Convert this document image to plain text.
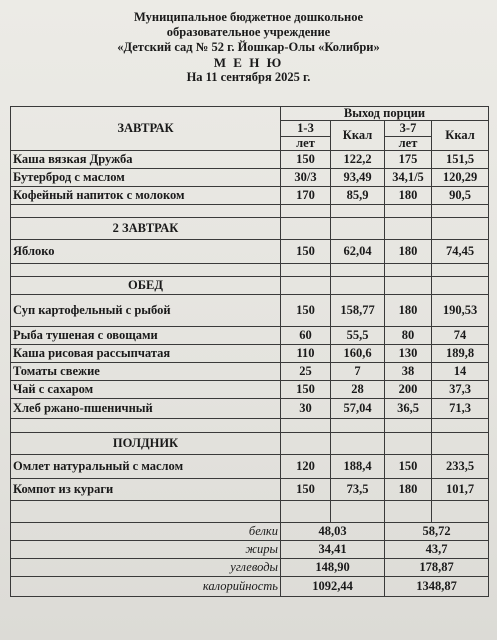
Муниципальное бюджетное дошкольное
образовательное учреждение
«Детский сад № 52 г. Йошкар-Олы «Колибри»
М Е Н Ю
На 11 сентября 2025 г.
ЗАВТРАК	Выход порции			
	1-3	Ккал	3-7	Ккал
	лет		лет	
Каша вязкая Дружба	150	122,2	175	151,5
Бутерброд с маслом	30/3	93,49	34,1/5	120,29
Кофейный напиток с молоком	170	85,9	180	90,5

2 ЗАВТРАК				
Яблоко	150	62,04	180	74,45

ОБЕД				
Суп картофельный с рыбой	150	158,77	180	190,53
Рыба тушеная с овощами	60	55,5	80	74
Каша рисовая рассыпчатая	110	160,6	130	189,8
Томаты свежие	25	7	38	14
Чай с сахаром	150	28	200	37,3
Хлеб ржано-пшеничный	30	57,04	36,5	71,3

ПОЛДНИК				
Омлет натуральный с маслом	120	188,4	150	233,5
Компот из кураги	150	73,5	180	101,7

белки	48,03		58,72	
жиры	34,41		43,7	
углеводы	148,90		178,87	
калорийность	1092,44		1348,87	
